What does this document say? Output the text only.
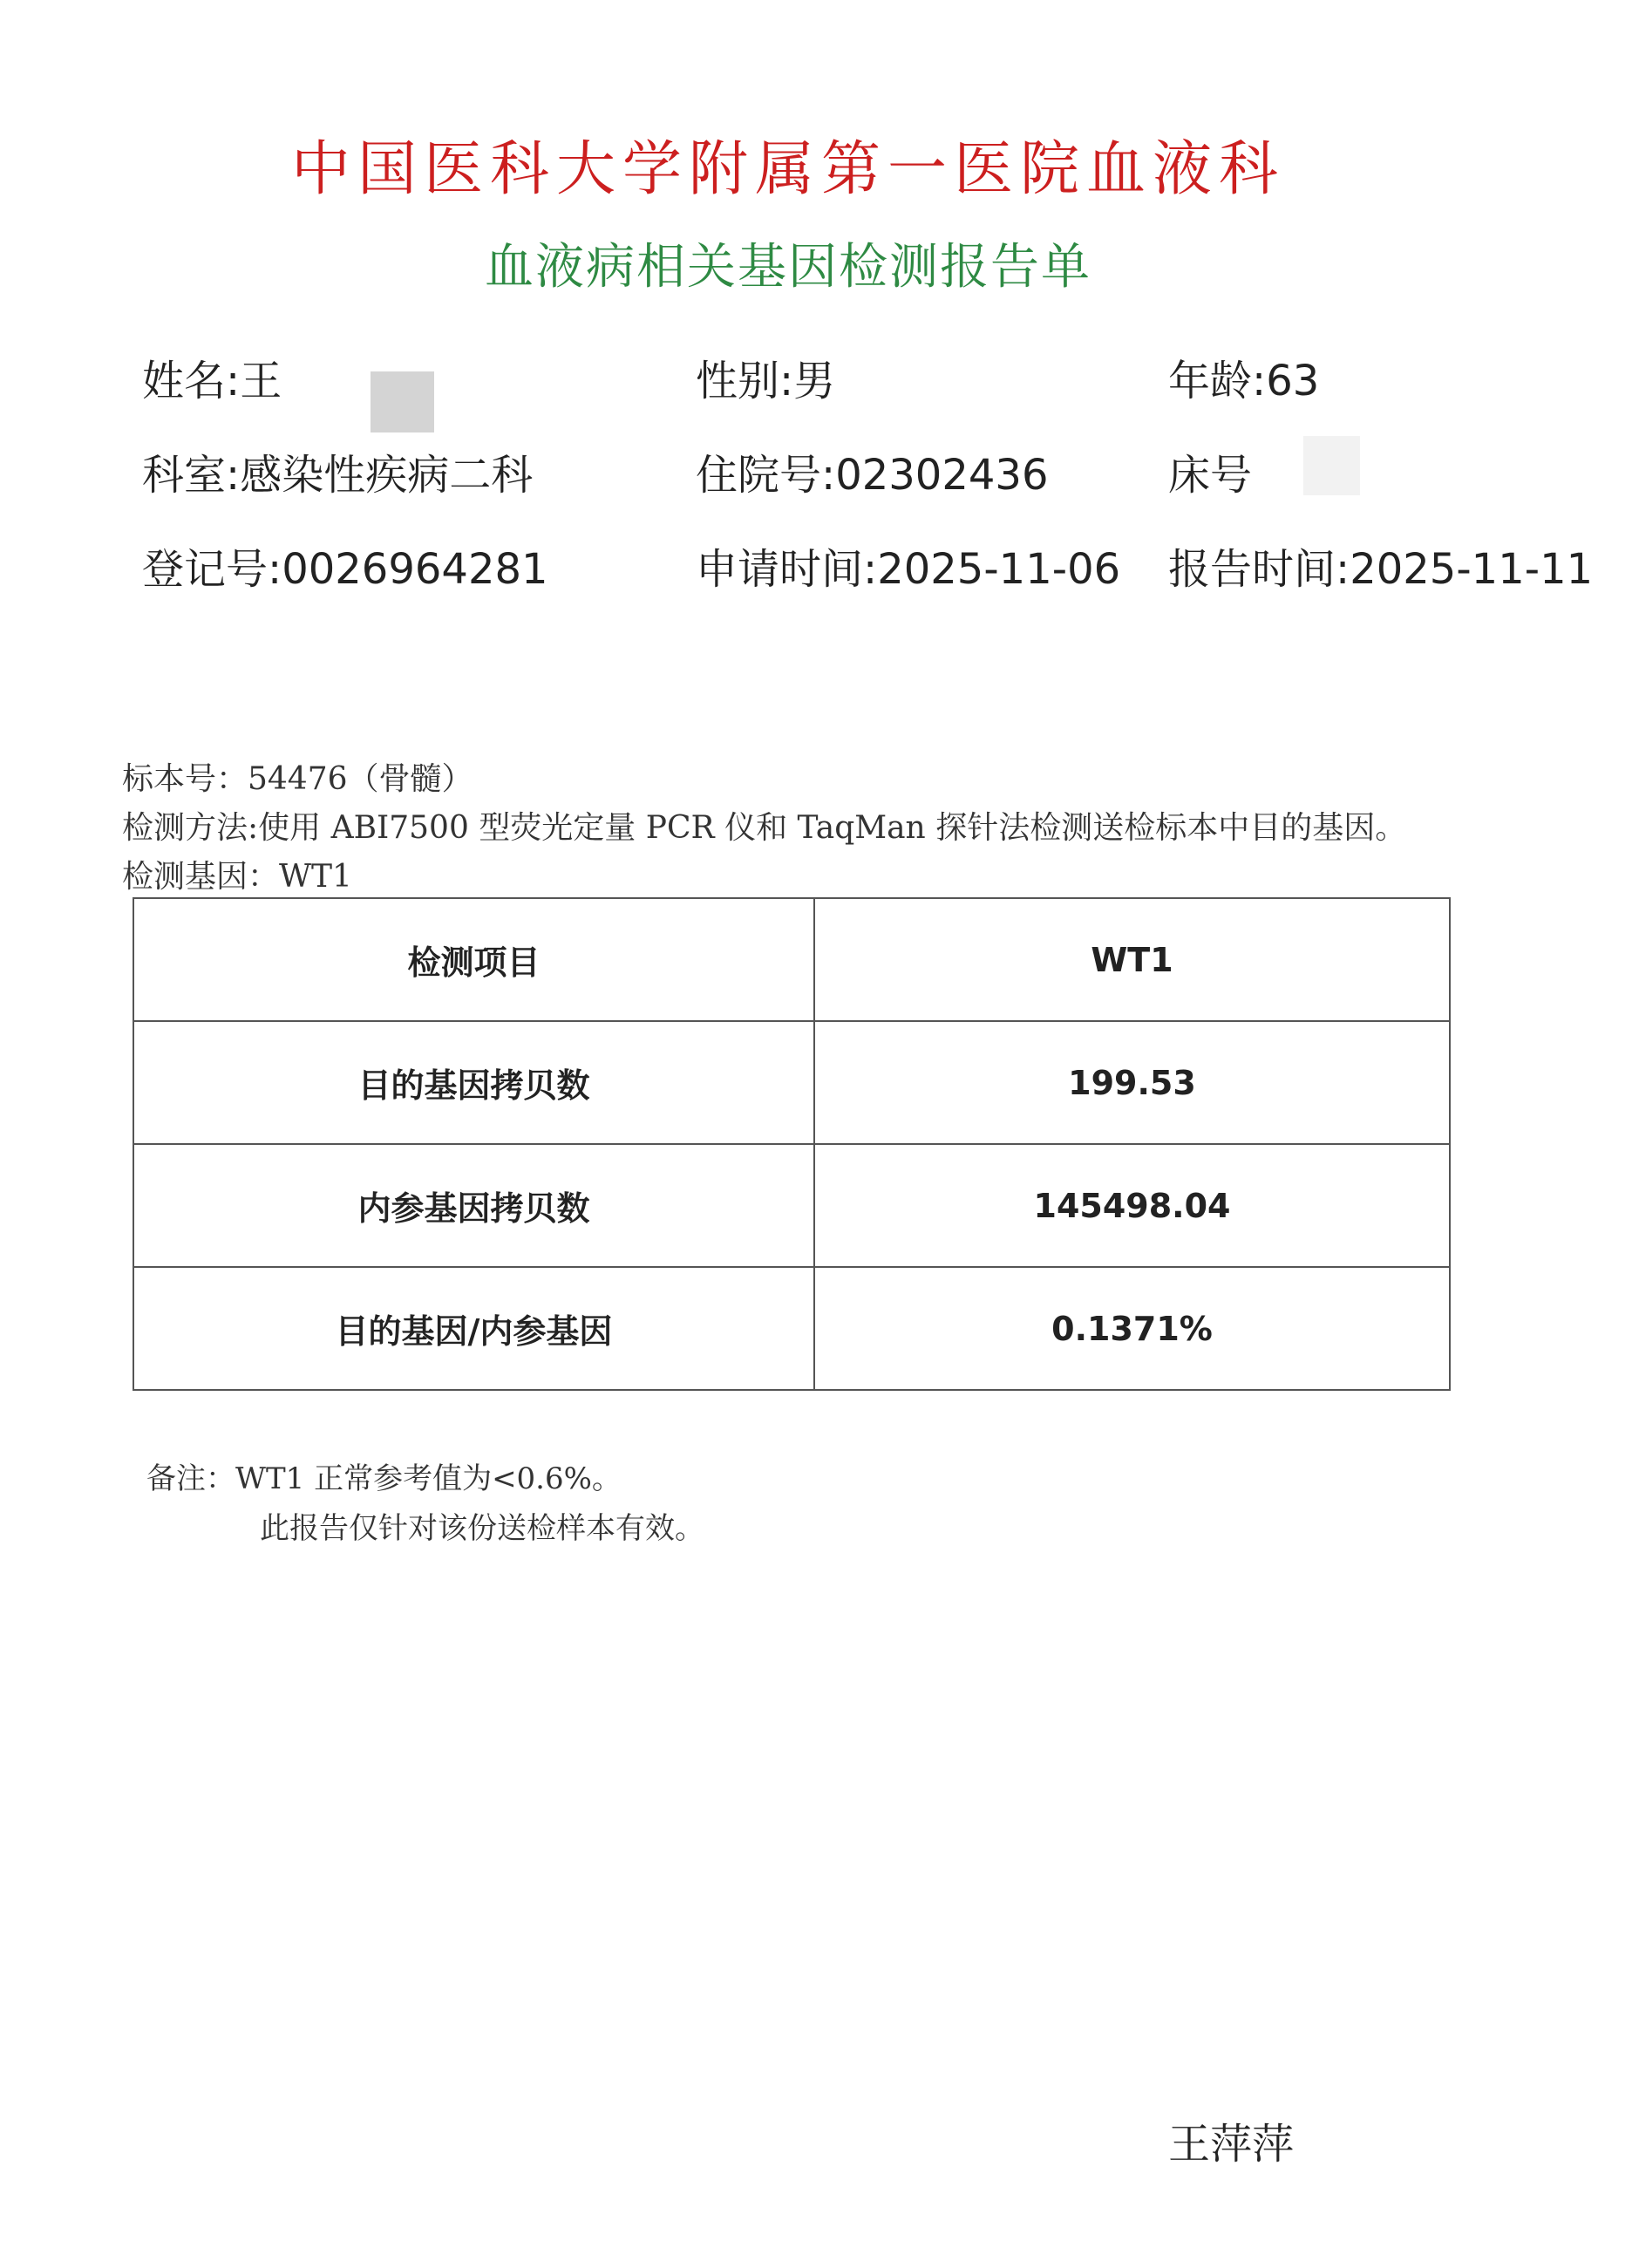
中国医科大学附属第一医院血液科
血液病相关基因检测报告单
姓名:王	性别:男	年龄:63
科室:感染性疾病二科	住院号:02302436	床号
登记号:0026964281	申请时间:2025-11-06 报告时间:2025-11-11
标本号：54476（骨髓）
检测方法:使用 ABI7500 型荧光定量 PCR 仪和 TaqMan 探针法检测送检标本中目的基因。
检测基因：WT1
检测项目	WT1
目的基因拷贝数	199.53
内参基因拷贝数	145498.04
目的基因/内参基因	0.1371%
备注：WT1 正常参考值为<0.6%。
此报告仅针对该份送检样本有效。
王萍萍
